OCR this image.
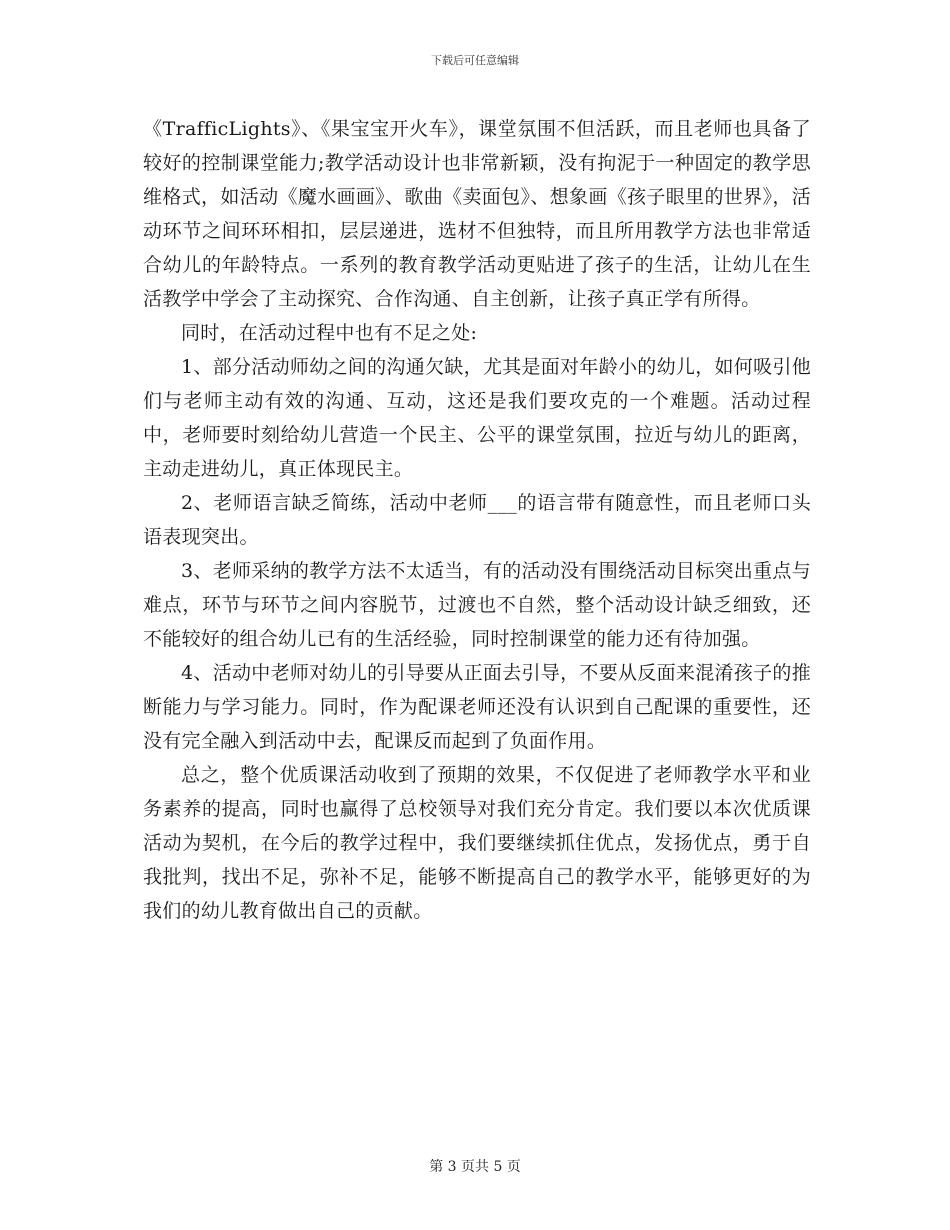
下载后可任意编辑

《TrafficLights》、《果宝宝开火车》，课堂氛围不但活跃，而且老师也具备了较好的控制课堂能力;教学活动设计也非常新颖，没有拘泥于一种固定的教学思维格式，如活动《魔水画画》、歌曲《卖面包》、想象画《孩子眼里的世界》，活动环节之间环环相扣，层层递进，选材不但独特，而且所用教学方法也非常适合幼儿的年龄特点。一系列的教育教学活动更贴进了孩子的生活，让幼儿在生活教学中学会了主动探究、合作沟通、自主创新，让孩子真正学有所得。

同时，在活动过程中也有不足之处:

1、部分活动师幼之间的沟通欠缺，尤其是面对年龄小的幼儿，如何吸引他们与老师主动有效的沟通、互动，这还是我们要攻克的一个难题。活动过程中，老师要时刻给幼儿营造一个民主、公平的课堂氛围，拉近与幼儿的距离，主动走进幼儿，真正体现民主。

2、老师语言缺乏简练，活动中老师___的语言带有随意性，而且老师口头语表现突出。

3、老师采纳的教学方法不太适当，有的活动没有围绕活动目标突出重点与难点，环节与环节之间内容脱节，过渡也不自然，整个活动设计缺乏细致，还不能较好的组合幼儿已有的生活经验，同时控制课堂的能力还有待加强。

4、活动中老师对幼儿的引导要从正面去引导，不要从反面来混淆孩子的推断能力与学习能力。同时，作为配课老师还没有认识到自己配课的重要性，还没有完全融入到活动中去，配课反而起到了负面作用。

总之，整个优质课活动收到了预期的效果，不仅促进了老师教学水平和业务素养的提高，同时也赢得了总校领导对我们充分肯定。我们要以本次优质课活动为契机，在今后的教学过程中，我们要继续抓住优点，发扬优点，勇于自我批判，找出不足，弥补不足，能够不断提高自己的教学水平，能够更好的为我们的幼儿教育做出自己的贡献。

第 3 页共 5 页
